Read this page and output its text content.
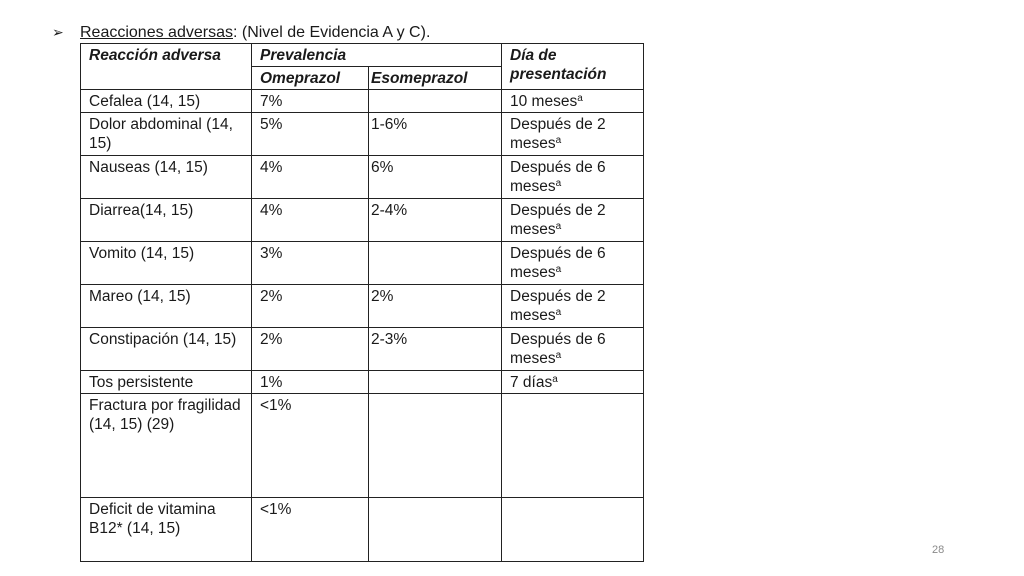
➢ Reacciones adversas: (Nivel de Evidencia A y C).
Reacción adversa	Prevalencia		Día de presentación
	Omeprazol	Esomeprazol	
Cefalea (14, 15)	7%		10 meses$^a$
Dolor abdominal (14, 15)	5%	1-6%	Después de 2 meses$^a$
Nauseas (14, 15)	4%	6%	Después de 6 meses$^a$
Diarrea(14, 15)	4%	2-4%	Después de 2 meses$^a$
Vomito (14, 15)	3%		Después de 6 meses$^a$
Mareo (14, 15)	2%	2%	Después de 2 meses$^a$
Constipación (14, 15)	2%	2-3%	Después de 6 meses$^a$
Tos persistente	1%		7 días$^a$
Fractura por fragilidad (14, 15) (29)	<1%		
Deficit de vitamina B12* (14, 15)	<1%		
28
